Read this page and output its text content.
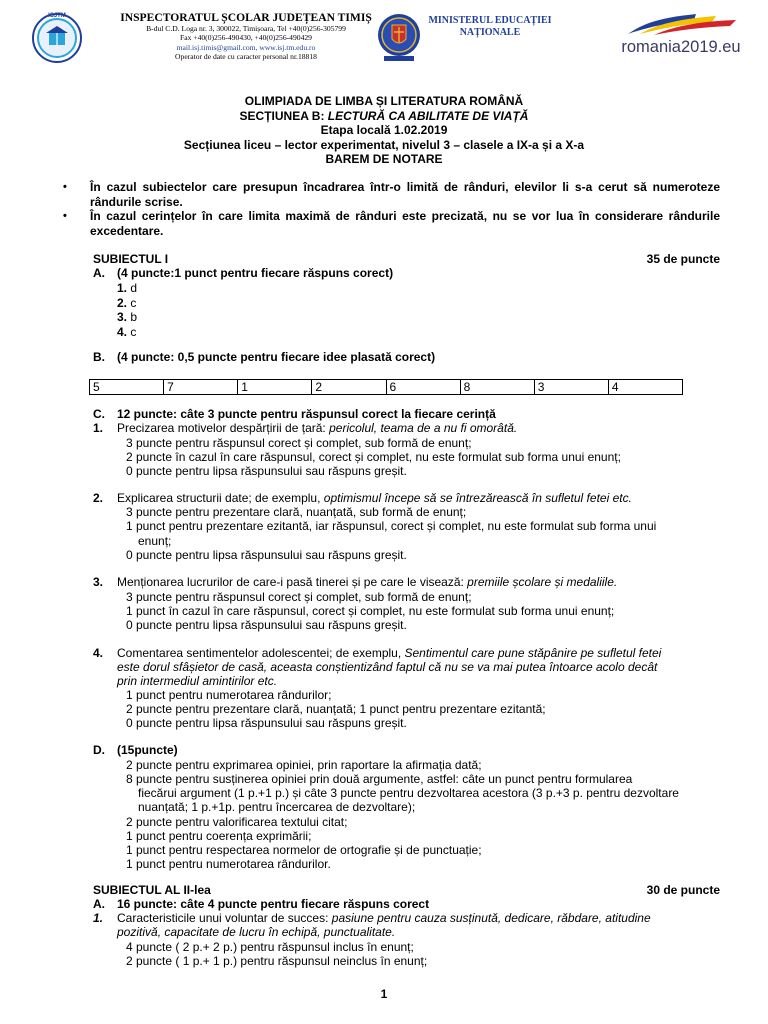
ISJTM	INSPECTORATUL ȘCOLAR JUDEȚEAN TIMIȘ
B-dul C.D. Loga nr. 3, 300022, Timișoara, Tel +40(0)256-305799
Fax +40(0)256-490430, +40(0)256-490429
mail.isj.timis@gmail.com, www.isj.tm.edu.ro
Operator de date cu caracter personal nr.18818
MINISTERUL EDUCAȚIEI
NAȚIONALE
romania2019.eu
OLIMPIADA DE LIMBA ȘI LITERATURA ROMÂNĂ
SECȚIUNEA B: LECTURĂ CA ABILITATE DE VIAȚĂ
Etapa locală 1.02.2019
Secțiunea liceu – lector experimentat, nivelul 3 – clasele a IX-a și a X-a
BAREM DE NOTARE
• În cazul subiectelor care presupun încadrarea într-o limită de rânduri, elevilor li s-a cerut să numeroteze rândurile scrise.
• În cazul cerințelor în care limita maximă de rânduri este precizată, nu se vor lua în considerare rândurile excedentare.
SUBIECTUL I	35 de puncte
A. (4 puncte:1 punct pentru fiecare răspuns corect)
1. d
2. c
3. b
4. c
B. (4 puncte: 0,5 puncte pentru fiecare idee plasată corect)
5	7	1	2	6	8	3	4
C. 12 puncte: câte 3 puncte pentru răspunsul corect la fiecare cerință
1. Precizarea motivelor despărțirii de țară: pericolul, teama de a nu fi omorâtă.
3 puncte pentru răspunsul corect și complet, sub formă de enunț;
2 puncte în cazul în care răspunsul, corect și complet, nu este formulat sub forma unui enunț;
0 puncte pentru lipsa răspunsului sau răspuns greșit.
2. Explicarea structurii date; de exemplu, optimismul începe să se întrezărească în sufletul fetei etc.
3 puncte pentru prezentare clară, nuanțată, sub formă de enunț;
1 punct pentru prezentare ezitantă, iar răspunsul, corect și complet, nu este formulat sub forma unui
enunț;
0 puncte pentru lipsa răspunsului sau răspuns greșit.
3. Menționarea lucrurilor de care-i pasă tinerei și pe care le visează: premiile școlare și medaliile.
3 puncte pentru răspunsul corect și complet, sub formă de enunț;
1 punct în cazul în care răspunsul, corect și complet, nu este formulat sub forma unui enunț;
0 puncte pentru lipsa răspunsului sau răspuns greșit.
4. Comentarea sentimentelor adolescentei; de exemplu, Sentimentul care pune stăpânire pe sufletul fetei
este dorul sfâșietor de casă, aceasta conștientizând faptul că nu se va mai putea întoarce acolo decât
prin intermediul amintirilor etc.
1 punct pentru numerotarea rândurilor;
2 puncte pentru prezentare clară, nuanțată; 1 punct pentru prezentare ezitantă;
0 puncte pentru lipsa răspunsului sau răspuns greșit.
D. (15puncte)
2 puncte pentru exprimarea opiniei, prin raportare la afirmația dată;
8 puncte pentru susținerea opiniei prin două argumente, astfel: câte un punct pentru formularea
fiecărui argument (1 p.+1 p.) și câte 3 puncte pentru dezvoltarea acestora (3 p.+3 p. pentru dezvoltare
nuanțată; 1 p.+1p. pentru încercarea de dezvoltare);
2 puncte pentru valorificarea textului citat;
1 punct pentru coerența exprimării;
1 punct pentru respectarea normelor de ortografie și de punctuație;
1 punct pentru numerotarea rândurilor.
SUBIECTUL AL II-lea	30 de puncte
A. 16 puncte: câte 4 puncte pentru fiecare răspuns corect
1. Caracteristicile unui voluntar de succes: pasiune pentru cauza susținută, dedicare, răbdare, atitudine
pozitivă, capacitate de lucru în echipă, punctualitate.
4 puncte ( 2 p.+ 2 p.) pentru răspunsul inclus în enunț;
2 puncte ( 1 p.+ 1 p.) pentru răspunsul neinclus în enunț;
1
